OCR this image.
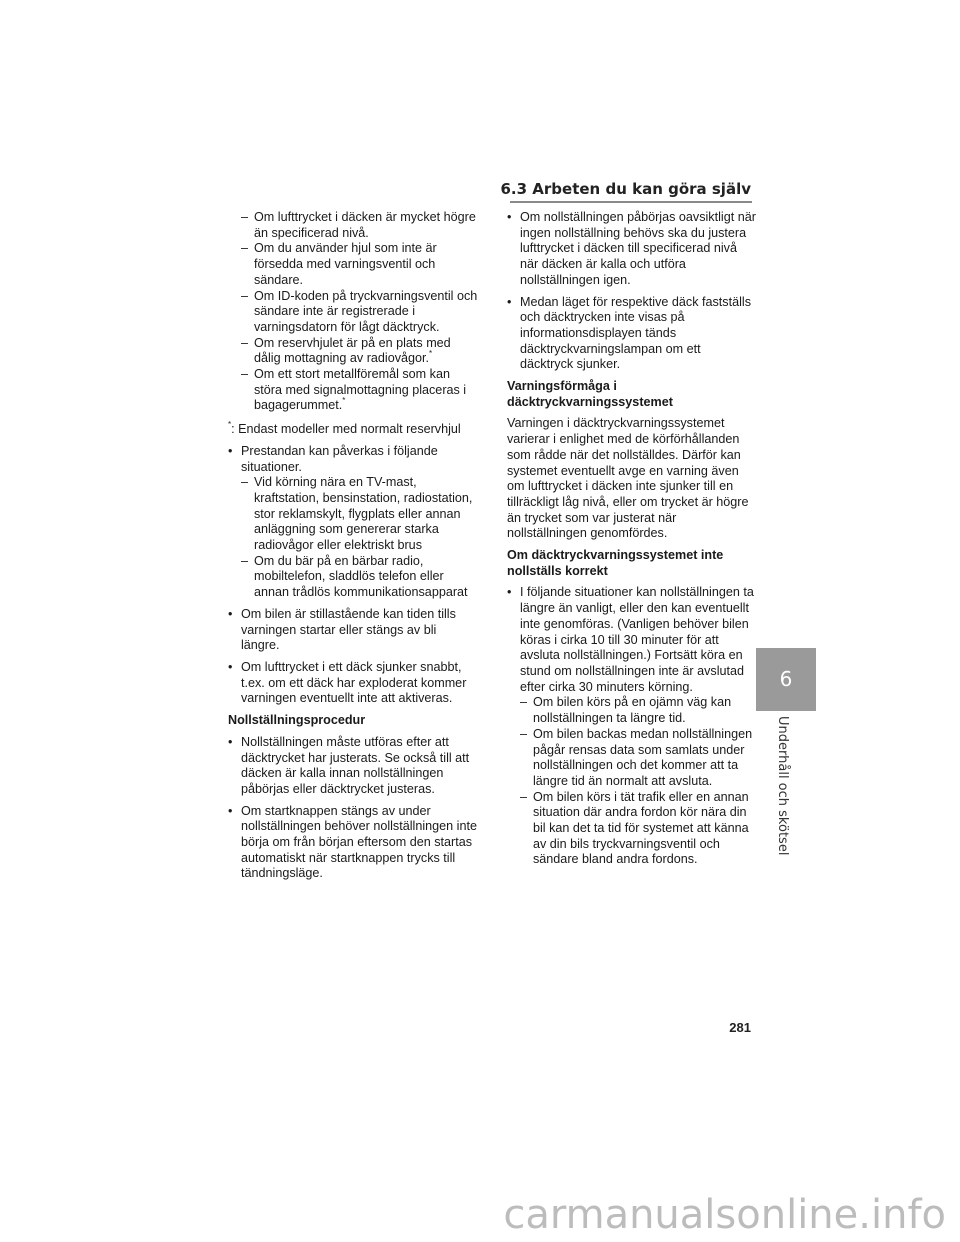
6.3 Arbeten du kan göra själv
– Om lufttrycket i däcken är mycket högre än specificerad nivå.
– Om du använder hjul som inte är försedda med varningsventil och sändare.
– Om ID-koden på tryckvarningsventil och sändare inte är registrerade i varningsdatorn för lågt däcktryck.
– Om reservhjulet är på en plats med dålig mottagning av radiovågor.*
– Om ett stort metallföremål som kan störa med signalmottagning placeras i bagagerummet.*

*: Endast modeller med normalt reservhjul

• Prestandan kan påverkas i följande situationer.
– Vid körning nära en TV-mast, kraftstation, bensinstation, radiostation, stor reklamskylt, flygplats eller annan anläggning som genererar starka radiovågor eller elektriskt brus
– Om du bär på en bärbar radio, mobiltelefon, sladdlös telefon eller annan trådlös kommunikationsapparat
• Om bilen är stillastående kan tiden tills varningen startar eller stängs av bli längre.
• Om lufttrycket i ett däck sjunker snabbt, t.ex. om ett däck har exploderat kommer varningen eventuellt inte att aktiveras.
Nollställningsprocedur
• Nollställningen måste utföras efter att däcktrycket har justerats. Se också till att däcken är kalla innan nollställningen påbörjas eller däcktrycket justeras.
• Om startknappen stängs av under nollställningen behöver nollställningen inte börja om från början eftersom den startas automatiskt när startknappen trycks till tändningsläge.
• Om nollställningen påbörjas oavsiktligt när ingen nollställning behövs ska du justera lufttrycket i däcken till specificerad nivå när däcken är kalla och utföra nollställningen igen.
• Medan läget för respektive däck fastställs och däcktrycken inte visas på informationsdisplayen tänds däcktryckvarningslampan om ett däcktryck sjunker.
Varningsförmåga i däcktryckvarningssystemet

Varningen i däcktryckvarningssystemet varierar i enlighet med de körförhållanden som rådde när det nollställdes. Därför kan systemet eventuellt avge en varning även om lufttrycket i däcken inte sjunker till en tillräckligt låg nivå, eller om trycket är högre än trycket som var justerat när nollställningen genomfördes.

Om däcktryckvarningssystemet inte nollställs korrekt
• I följande situationer kan nollställningen ta längre än vanligt, eller den kan eventuellt inte genomföras. (Vanligen behöver bilen köras i cirka 10 till 30 minuter för att avsluta nollställningen.) Fortsätt köra en stund om nollställningen inte är avslutad efter cirka 30 minuters körning.
– Om bilen körs på en ojämn väg kan nollställningen ta längre tid.
– Om bilen backas medan nollställningen pågår rensas data som samlats under nollställningen och det kommer att ta längre tid än normalt att avsluta.
– Om bilen körs i tät trafik eller en annan situation där andra fordon kör nära din bil kan det ta tid för systemet att känna av din bils tryckvarningsventil och sändare bland andra fordons.
6
Underhåll och skötsel
281
carmanualsonline.info
